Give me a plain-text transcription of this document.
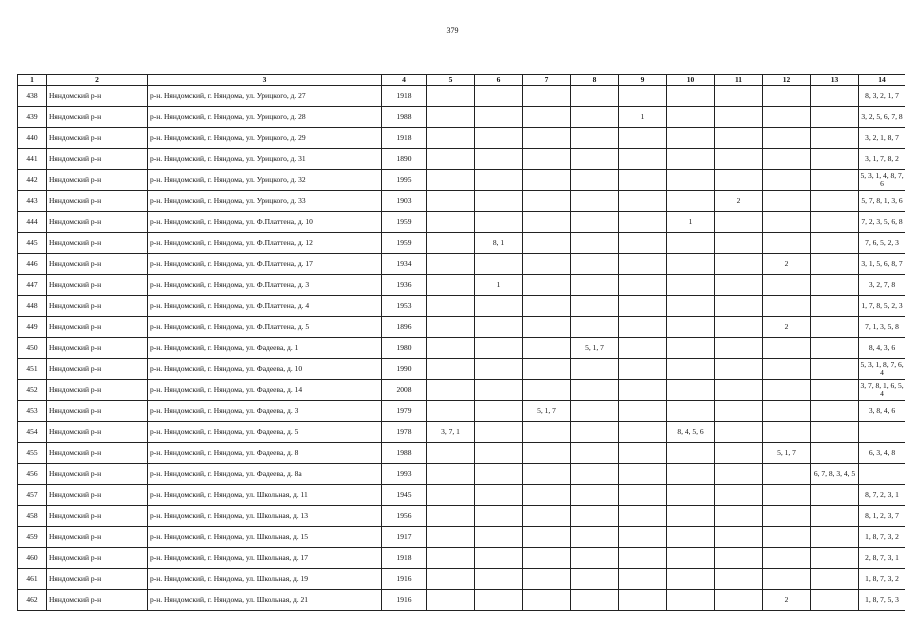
379
1	2	3	4	5	6	7	8	9	10	11	12	13	14
438	Няндомский р-н	р-н. Няндомский, г. Няндома, ул. Урицкого, д. 27	1918										8, 3, 2, 1, 7
439	Няндомский р-н	р-н. Няндомский, г. Няндома, ул. Урицкого, д. 28	1988					1					3, 2, 5, 6, 7, 8
440	Няндомский р-н	р-н. Няндомский, г. Няндома, ул. Урицкого, д. 29	1918										3, 2, 1, 8, 7
441	Няндомский р-н	р-н. Няндомский, г. Няндома, ул. Урицкого, д. 31	1890										3, 1, 7, 8, 2
442	Няндомский р-н	р-н. Няндомский, г. Няндома, ул. Урицкого, д. 32	1995										5, 3, 1, 4, 8, 7, 6
443	Няндомский р-н	р-н. Няндомский, г. Няндома, ул. Урицкого, д. 33	1903							2			5, 7, 8, 1, 3, 6
444	Няндомский р-н	р-н. Няндомский, г. Няндома, ул. Ф.Платтена, д. 10	1959						1				7, 2, 3, 5, 6, 8
445	Няндомский р-н	р-н. Няндомский, г. Няндома, ул. Ф.Платтена, д. 12	1959		8, 1								7, 6, 5, 2, 3
446	Няндомский р-н	р-н. Няндомский, г. Няндома, ул. Ф.Платтена, д. 17	1934								2		3, 1, 5, 6, 8, 7
447	Няндомский р-н	р-н. Няндомский, г. Няндома, ул. Ф.Платтена, д. 3	1936		1								3, 2, 7, 8
448	Няндомский р-н	р-н. Няндомский, г. Няндома, ул. Ф.Платтена, д. 4	1953										1, 7, 8, 5, 2, 3
449	Няндомский р-н	р-н. Няндомский, г. Няндома, ул. Ф.Платтена, д. 5	1896								2		7, 1, 3, 5, 8
450	Няндомский р-н	р-н. Няндомский, г. Няндома, ул. Фадеева, д. 1	1980				5, 1, 7						8, 4, 3, 6
451	Няндомский р-н	р-н. Няндомский, г. Няндома, ул. Фадеева, д. 10	1990										5, 3, 1, 8, 7, 6, 4
452	Няндомский р-н	р-н. Няндомский, г. Няндома, ул. Фадеева, д. 14	2008										3, 7, 8, 1, 6, 5, 4
453	Няндомский р-н	р-н. Няндомский, г. Няндома, ул. Фадеева, д. 3	1979			5, 1, 7							3, 8, 4, 6
454	Няндомский р-н	р-н. Няндомский, г. Няндома, ул. Фадеева, д. 5	1978	3, 7, 1					8, 4, 5, 6				
455	Няндомский р-н	р-н. Няндомский, г. Няндома, ул. Фадеева, д. 8	1988								5, 1, 7		6, 3, 4, 8
456	Няндомский р-н	р-н. Няндомский, г. Няндома, ул. Фадеева, д. 8а	1993									6, 7, 8, 3, 4, 5	
457	Няндомский р-н	р-н. Няндомский, г. Няндома, ул. Школьная, д. 11	1945										8, 7, 2, 3, 1
458	Няндомский р-н	р-н. Няндомский, г. Няндома, ул. Школьная, д. 13	1956										8, 1, 2, 3, 7
459	Няндомский р-н	р-н. Няндомский, г. Няндома, ул. Школьная, д. 15	1917										1, 8, 7, 3, 2
460	Няндомский р-н	р-н. Няндомский, г. Няндома, ул. Школьная, д. 17	1918										2, 8, 7, 3, 1
461	Няндомский р-н	р-н. Няндомский, г. Няндома, ул. Школьная, д. 19	1916										1, 8, 7, 3, 2
462	Няндомский р-н	р-н. Няндомский, г. Няндома, ул. Школьная, д. 21	1916								2		1, 8, 7, 5, 3
